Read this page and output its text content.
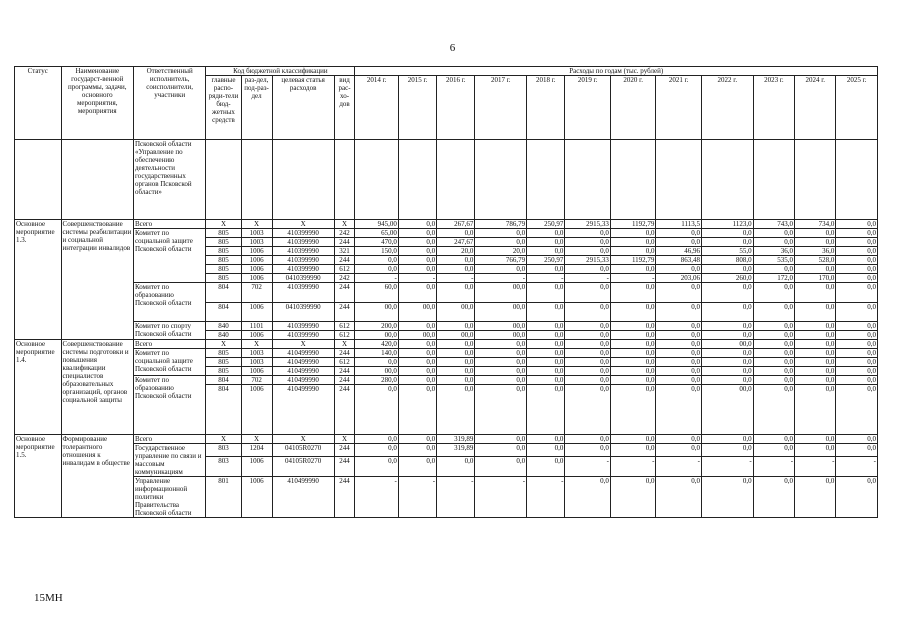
6
Статус	Наименование государст-венной программы, задачи, основного мероприятия, мероприятия	Ответственный исполнитель, соисполнители, участники	Код бюджетной классификации				Расходы по годам (тыс. рублей)											
			главные распо-ряди-тели бюд-жетных средств	раз-дел, под-раз-дел	целевая статья расходов	вид рас-хо-дов	2014 г.	2015 г.	2016 г.	2017 г.	2018 г.	2019 г.	2020 г.	2021 г.	2022 г.	2023 г.	2024 г.	2025 г.
		Псковской области «Управление по обеспечению деятельности государственных органов Псковской области»																
Основное мероприятие 1.3.	Совершенствование системы реабилитации и социальной интеграции инвалидов	Всего	X	X	X	X	945,00	0,0	267,67	786,79	250,97	2915,33	1192,79	1113,5	1123,0	743,0	734,0	0,0
		Комитет по социальной защите Псковской области	805	1003	410399990	242	65,00	0,0	0,0	0,0	0,0	0,0	0,0	0,0	0,0	0,0	0,0	0,0
			805	1003	410399990	244	470,0	0,0	247,67	0,0	0,0	0,0	0,0	0,0	0,0	0,0	0,0	0,0
			805	1006	410399990	321	150,0	0,0	20,0	20,0	0,0	0,0	0,0	46,96	55,0	36,0	36,0	0,0
			805	1006	410399990	244	0,0	0,0	0,0	766,79	250,97	2915,33	1192,79	863,48	808,0	535,0	528,0	0,0
			805	1006	410399990	612	0,0	0,0	0,0	0,0	0,0	0,0	0,0	0,0	0,0	0,0	0,0	0,0
			805	1006	0410399990	242	-	-	-	-	-	-	-	203,06	260,0	172,0	170,0	0,0
		Комитет по образованию Псковской области	804	702	410399990	244	60,0	0,0	0,0	00,0	0,0	0,0	0,0	0,0	0,0	0,0	0,0	0,0
			804	1006	0410399990	244	00,0	00,0	00,0	00,0	0,0	0,0	0,0	0,0	0,0	0,0	0,0	0,0
		Комитет по спорту Псковской области	840	1101	410399990	612	200,0	0,0	0,0	00,0	0,0	0,0	0,0	0,0	0,0	0,0	0,0	0,0
			840	1006	410399990	612	00,0	00,0	00,0	00,0	0,0	0,0	0,0	0,0	0,0	0,0	0,0	0,0
Основное мероприятие 1.4.	Совершенствование системы подготовки и повышения квалификации специалистов образовательных организаций, органов социальной защиты	Всего	X	X	X	X	420,0	0,0	0,0	0,0	0,0	0,0	0,0	0,0	00,0	0,0	0,0	0,0
		Комитет по социальной защите Псковской области	805	1003	410499990	244	140,0	0,0	0,0	0,0	0,0	0,0	0,0	0,0	0,0	0,0	0,0	0,0
			805	1003	410499990	612	0,0	0,0	0,0	0,0	0,0	0,0	0,0	0,0	0,0	0,0	0,0	0,0
			805	1006	410499990	244	00,0	0,0	0,0	0,0	0,0	0,0	0,0	0,0	0,0	0,0	0,0	0,0
		Комитет по образованию Псковской области	804	702	410499990	244	280,0	0,0	0,0	0,0	0,0	0,0	0,0	0,0	0,0	0,0	0,0	0,0
			804	1006	410499990	244	0,0	0,0	0,0	0,0	0,0	0,0	0,0	0,0	00,0	0,0	0,0	0,0
Основное мероприятие 1.5.	Формирование толерантного отношения к инвалидам в обществе	Всего	X	X	X	X	0,0	0,0	319,89	0,0	0,0	0,0	0,0	0,0	0,0	0,0	0,0	0,0
		Государственное управление по связи и массовым коммуникациям	803	1204	04105R0270	244	0,0	0,0	319,89	0,0	0,0	0,0	0,0	0,0	0,0	0,0	0,0	0,0
			803	1006	04105R0270	244	0,0	0,0	0,0	0,0	0,0	-	-	-	-	-	-	-
		Управление информационной политики Правительства Псковской области	801	1006	410499990	244	-	-	-	-	-	0,0	0,0	0,0	0,0	0,0	0,0	0,0
15МН
